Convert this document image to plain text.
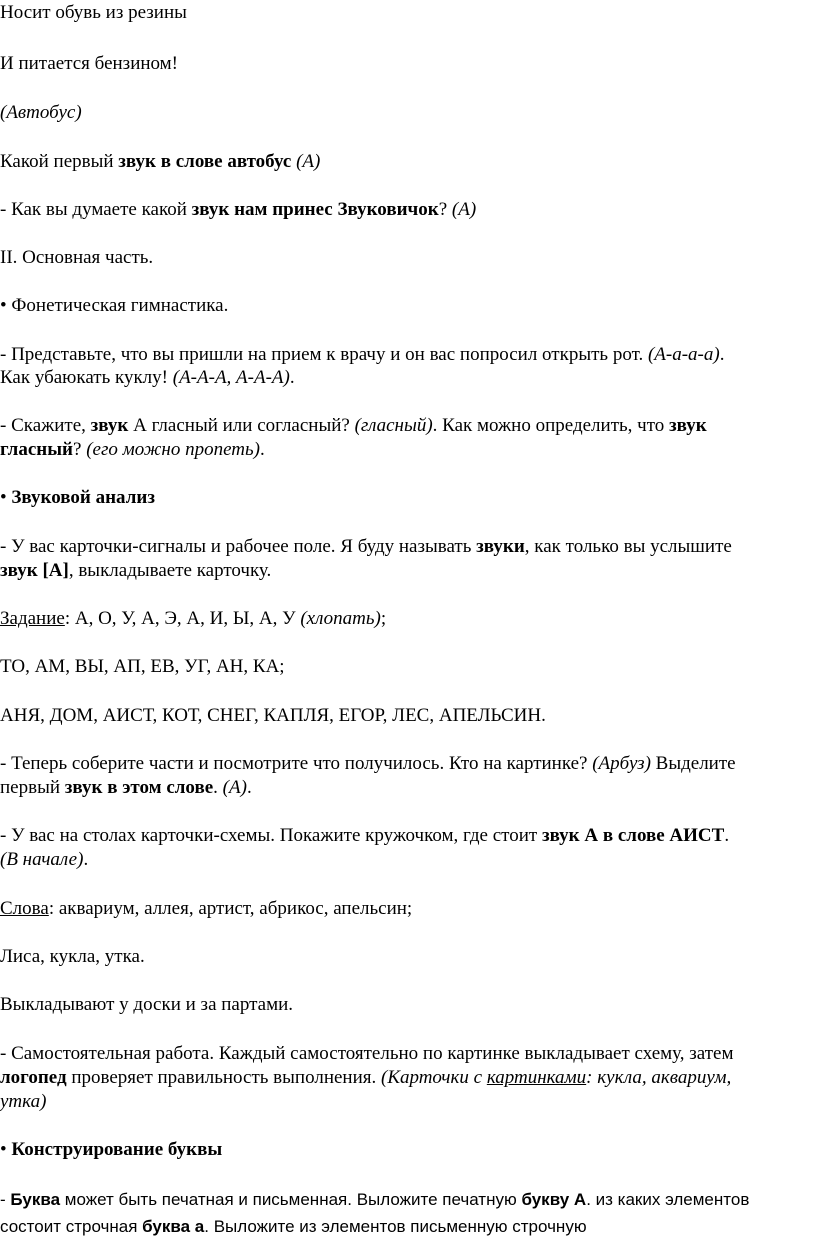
Носит обувь из резины
И питается бензином!
(Автобус)
Какой первый звук в слове автобус (А)
- Как вы думаете какой звук нам принес Звуковичок? (А)
II. Основная часть.
• Фонетическая гимнастика.
- Представьте, что вы пришли на прием к врачу и он вас попросил открыть рот. (А-а-а-а).
Как убаюкать куклу! (А-А-А, А-А-А).
- Скажите, звук А гласный или согласный? (гласный). Как можно определить, что звук
гласный? (его можно пропеть).
• Звуковой анализ
- У вас карточки-сигналы и рабочее поле. Я буду называть звуки, как только вы услышите
звук [А], выкладываете карточку.
Задание: А, О, У, А, Э, А, И, Ы, А, У (хлопать);
ТО, АМ, ВЫ, АП, ЕВ, УГ, АН, КА;
АНЯ, ДОМ, АИСТ, КОТ, СНЕГ, КАПЛЯ, ЕГОР, ЛЕС, АПЕЛЬСИН.
- Теперь соберите части и посмотрите что получилось. Кто на картинке? (Арбуз) Выделите
первый звук в этом слове. (А).
- У вас на столах карточки-схемы. Покажите кружочком, где стоит звук А в слове АИСТ.
(В начале).
Слова: аквариум, аллея, артист, абрикос, апельсин;
Лиса, кукла, утка.
Выкладывают у доски и за партами.
- Самостоятельная работа. Каждый самостоятельно по картинке выкладывает схему, затем
логопед проверяет правильность выполнения. (Карточки с картинками: кукла, аквариум,
утка)
• Конструирование буквы
- Буква может быть печатная и письменная. Выложите печатную букву А. из каких элементов
состоит строчная буква а. Выложите из элементов письменную строчную
